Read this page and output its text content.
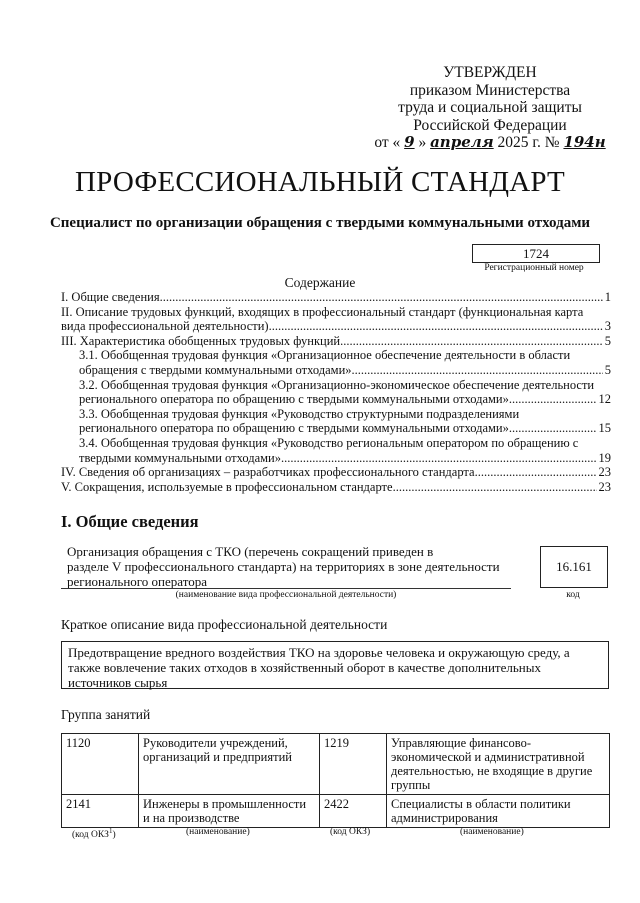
УТВЕРЖДЕН
приказом Министерства
труда и социальной защиты
Российской Федерации
от « 9 » апреля 2025 г. № 194н
ПРОФЕССИОНАЛЬНЫЙ СТАНДАРТ
Специалист по организации обращения с твердыми коммунальными отходами
1724
Регистрационный номер
Содержание
I. Общие сведения .....	1
II. Описание трудовых функций, входящих в профессиональный стандарт (функциональная карта
вида профессиональной деятельности) .....	3
III. Характеристика обобщенных трудовых функций .....	5
3.1. Обобщенная трудовая функция «Организационное обеспечение деятельности в области
обращения с твердыми коммунальными отходами» .....	5
3.2. Обобщенная трудовая функция «Организационно-экономическое обеспечение деятельности
регионального оператора по обращению с твердыми коммунальными отходами» .....	12
3.3. Обобщенная трудовая функция «Руководство структурными подразделениями
регионального оператора по обращению с твердыми коммунальными отходами» .....	15
3.4. Обобщенная трудовая функция «Руководство региональным оператором по обращению с
твердыми коммунальными отходами» .....	19
IV. Сведения об организациях – разработчиках профессионального стандарта .....	23
V. Сокращения, используемые в профессиональном стандарте .....	23
I. Общие сведения
Организация обращения с ТКО (перечень сокращений приведен в
разделе V профессионального стандарта) на территориях в зоне деятельности
регионального оператора
(наименование вида профессиональной деятельности)
16.161
код
Краткое описание вида профессиональной деятельности
Предотвращение вредного воздействия ТКО на здоровье человека и окружающую среду, а также вовлечение таких отходов в хозяйственный оборот в качестве дополнительных источников сырья
Группа занятий
1120	Руководители учреждений, организаций и предприятий	1219	Управляющие финансово-экономической и административной деятельностью, не входящие в другие группы
2141	Инженеры в промышленности и на производстве	2422	Специалисты в области политики администрирования
(код ОКЗ$^1$)	(наименование)	(код ОКЗ)	(наименование)
